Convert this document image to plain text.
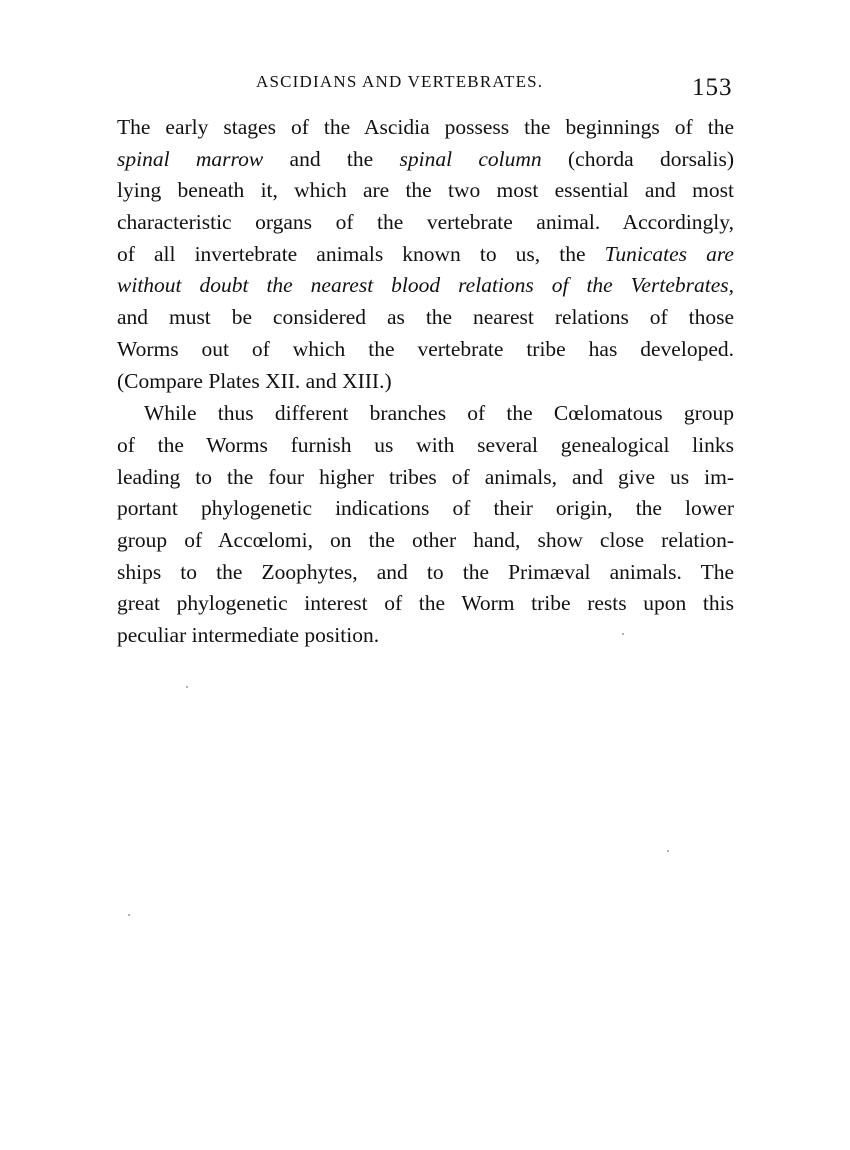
ASCIDIANS AND VERTEBRATES.	153
The early stages of the Ascidia possess the beginnings of the
spinal marrow and the spinal column (chorda dorsalis)
lying beneath it, which are the two most essential and most
characteristic organs of the vertebrate animal. Accordingly,
of all invertebrate animals known to us, the Tunicates are
without doubt the nearest blood relations of the Vertebrates,
and must be considered as the nearest relations of those
Worms out of which the vertebrate tribe has developed.
(Compare Plates XII. and XIII.)
While thus different branches of the Cœlomatous group
of the Worms furnish us with several genealogical links
leading to the four higher tribes of animals, and give us im-
portant phylogenetic indications of their origin, the lower
group of Accœlomi, on the other hand, show close relation-
ships to the Zoophytes, and to the Primæval animals. The
great phylogenetic interest of the Worm tribe rests upon this
peculiar intermediate position.
